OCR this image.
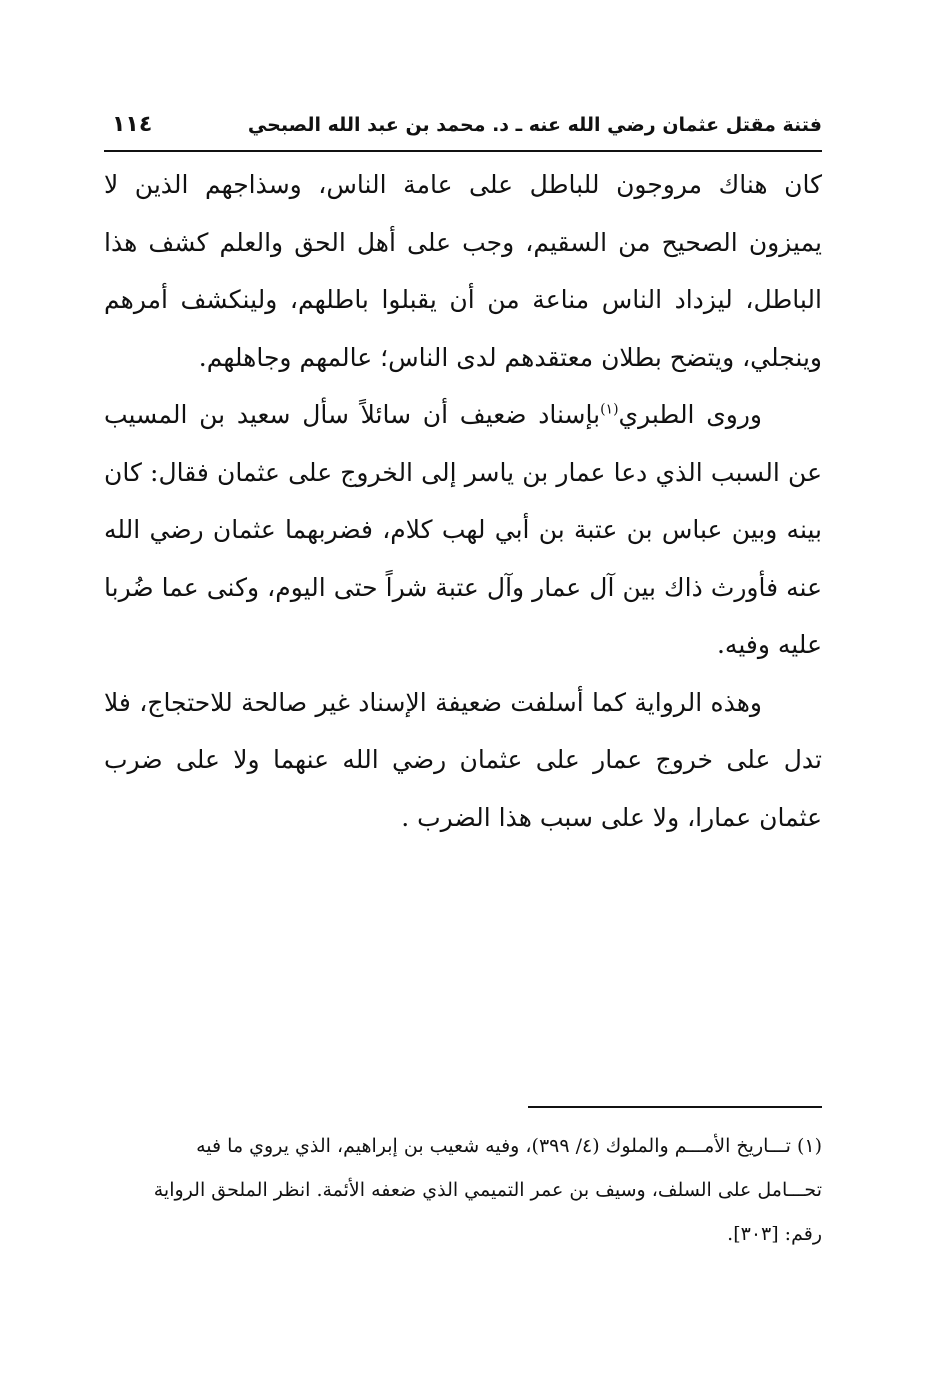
فتنة مقتل عثمان رضي الله عنه ـ د. محمد بن عبد الله الصبحي
١١٤

كان هناك مروجون للباطل على عامة الناس، وسذاجهم الذين لا يميزون الصحيح من السقيم، وجب على أهل الحق والعلم كشف هذا الباطل، ليزداد الناس مناعة من أن يقبلوا باطلهم، ولينكشف أمرهم وينجلي، ويتضح بطلان معتقدهم لدى الناس؛ عالمهم وجاهلهم.

وروى الطبري$^{(١)}$بإسناد ضعيف أن سائلاً سأل سعيد بن المسيب عن السبب الذي دعا عمار بن ياسر إلى الخروج على عثمان فقال: كان بينه وبين عباس بن عتبة بن أبي لهب كلام، فضربهما عثمان رضي الله عنه فأورث ذاك بين آل عمار وآل عتبة شراً حتى اليوم، وكنى عما ضُربا عليه وفيه.

وهذه الرواية كما أسلفت ضعيفة الإسناد غير صالحة للاحتجاج، فلا تدل على خروج عمار على عثمان رضي الله عنهما ولا على ضرب عثمان عمارا، ولا على سبب هذا الضرب .

(١) تـــاريخ الأمـــم والملوك (٤/ ٣٩٩)، وفيه شعيب بن إبراهيم، الذي يروي ما فيه

تحـــامل على السلف، وسيف بن عمر التميمي الذي ضعفه الأئمة. انظر الملحق الرواية

رقم: [٣٠٣].
